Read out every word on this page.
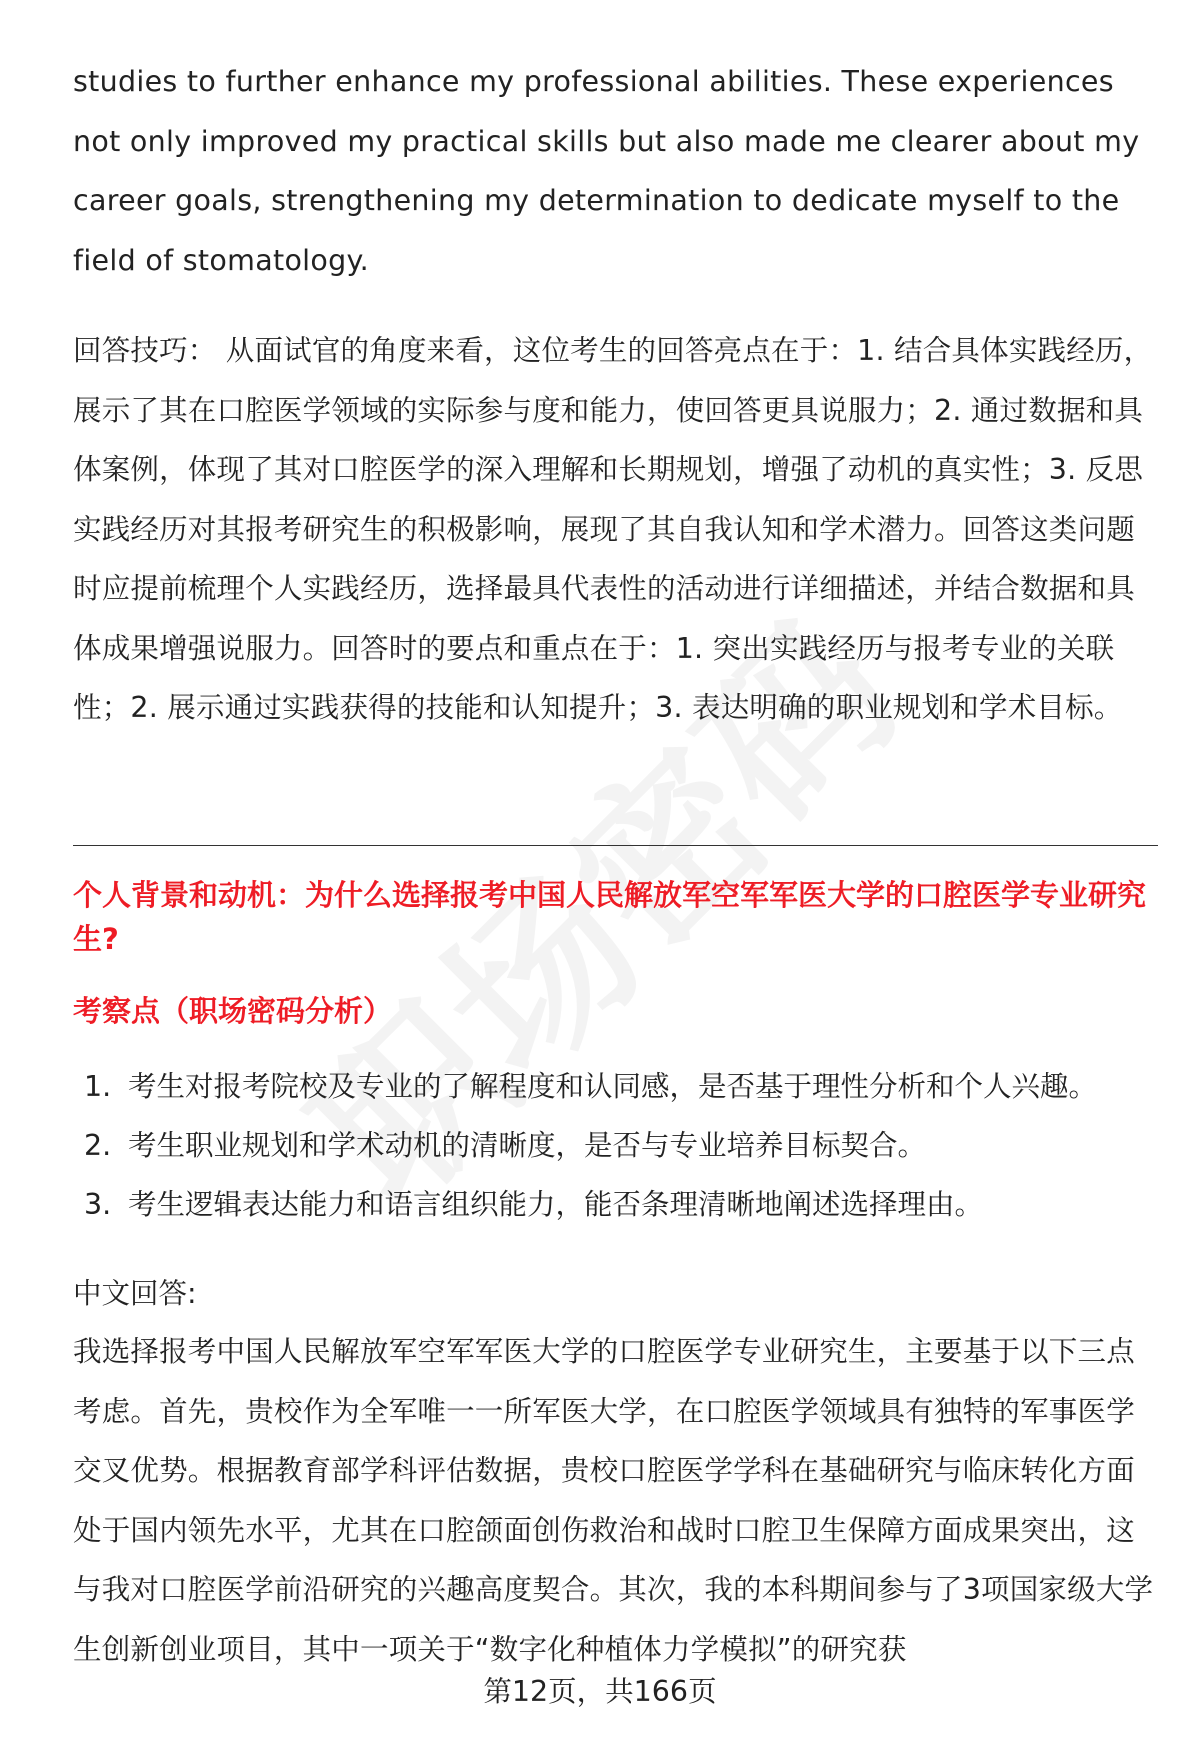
studies to further enhance my professional abilities. These experiences not only improved my practical skills but also made me clearer about my career goals, strengthening my determination to dedicate myself to the field of stomatology.

回答技巧： 从面试官的角度来看，这位考生的回答亮点在于：1. 结合具体实践经历，展示了其在口腔医学领域的实际参与度和能力，使回答更具说服力；2. 通过数据和具体案例，体现了其对口腔医学的深入理解和长期规划，增强了动机的真实性；3. 反思实践经历对其报考研究生的积极影响，展现了其自我认知和学术潜力。回答这类问题时应提前梳理个人实践经历，选择最具代表性的活动进行详细描述，并结合数据和具体成果增强说服力。回答时的要点和重点在于：1. 突出实践经历与报考专业的关联性；2. 展示通过实践获得的技能和认知提升；3. 表达明确的职业规划和学术目标。

个人背景和动机：为什么选择报考中国人民解放军空军军医大学的口腔医学专业研究生?
考察点（职场密码分析）
1. 考生对报考院校及专业的了解程度和认同感，是否基于理性分析和个人兴趣。
2. 考生职业规划和学术动机的清晰度，是否与专业培养目标契合。
3. 考生逻辑表达能力和语言组织能力，能否条理清晰地阐述选择理由。

中文回答:

我选择报考中国人民解放军空军军医大学的口腔医学专业研究生，主要基于以下三点考虑。首先，贵校作为全军唯一一所军医大学，在口腔医学领域具有独特的军事医学交叉优势。根据教育部学科评估数据，贵校口腔医学学科在基础研究与临床转化方面处于国内领先水平，尤其在口腔颌面创伤救治和战时口腔卫生保障方面成果突出，这与我对口腔医学前沿研究的兴趣高度契合。其次，我的本科期间参与了3项国家级大学生创新创业项目，其中一项关于“数字化种植体力学模拟”的研究获

第12页，共166页
